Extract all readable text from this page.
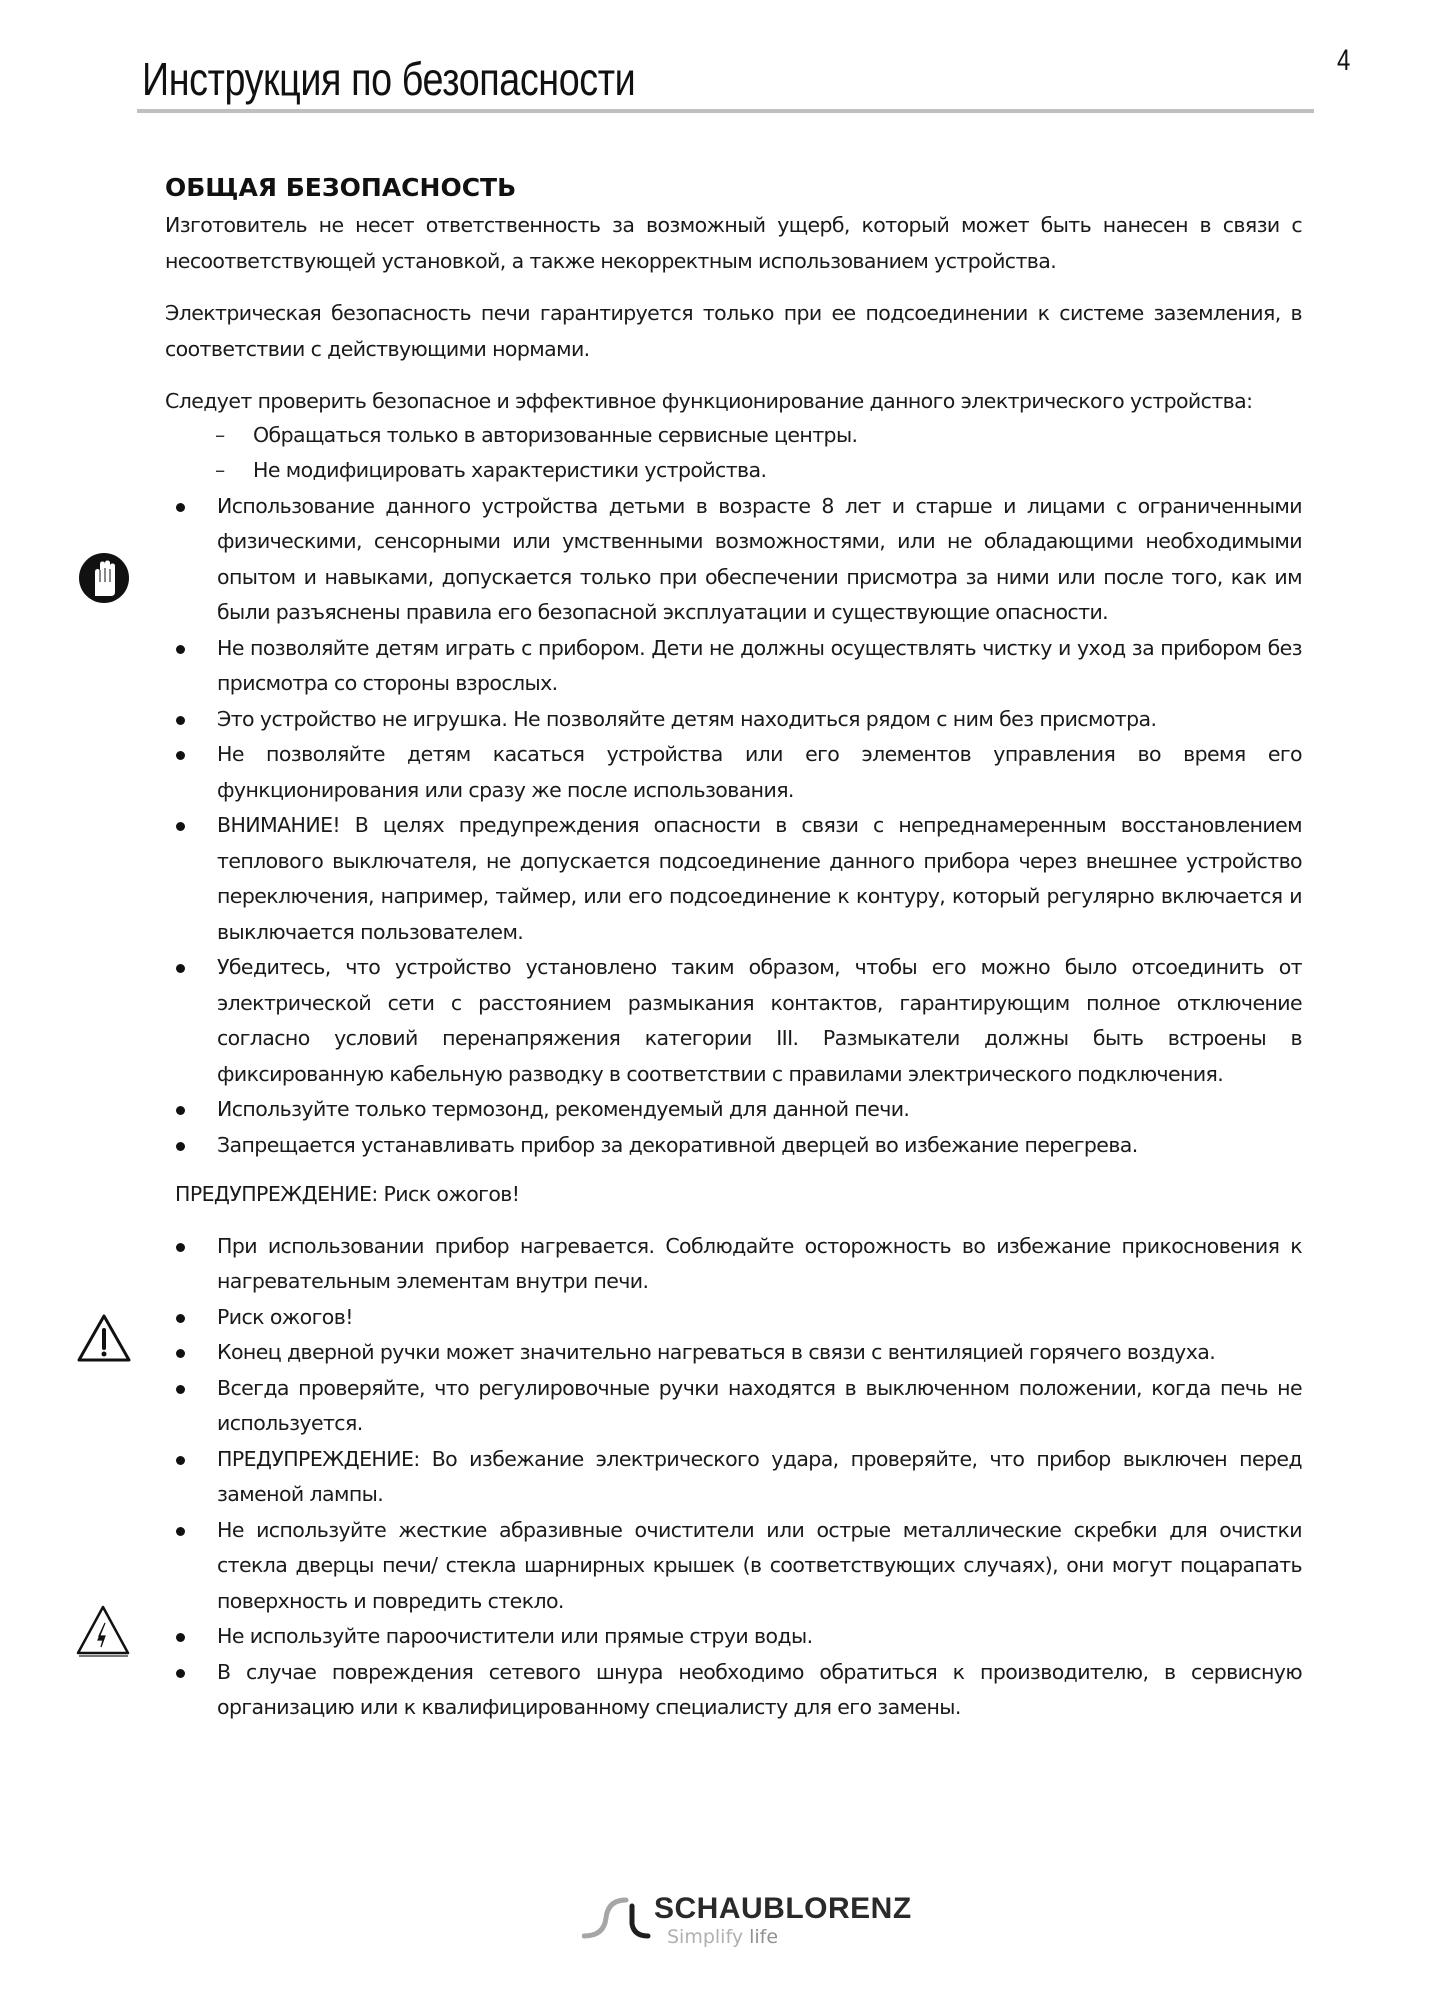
Инструкция по безопасности	4
ОБЩАЯ БЕЗОПАСНОСТЬ

Изготовитель не несет ответственность за возможный ущерб, который может быть нанесен в связи с несоответствующей установкой, а также некорректным использованием устройства.

Электрическая безопасность печи гарантируется только при ее подсоединении к системе заземления, в соответствии с действующими нормами.

Следует проверить безопасное и эффективное функционирование данного электрического устройства:

– Обращаться только в авторизованные сервисные центры.
– Не модифицировать характеристики устройства.
Использование данного устройства детьми в возрасте 8 лет и старше и лицами с ограниченными физическими, сенсорными или умственными возможностями, или не обладающими необходимыми опытом и навыками, допускается только при обеспечении присмотра за ними или после того, как им были разъяснены правила его безопасной эксплуатации и существующие опасности.
Не позволяйте детям играть с прибором. Дети не должны осуществлять чистку и уход за прибором без присмотра со стороны взрослых.
Это устройство не игрушка. Не позволяйте детям находиться рядом с ним без присмотра.
Не позволяйте детям касаться устройства или его элементов управления во время его функционирования или сразу же после использования.
ВНИМАНИЕ! В целях предупреждения опасности в связи с непреднамеренным восстановлением теплового выключателя, не допускается подсоединение данного прибора через внешнее устройство переключения, например, таймер, или его подсоединение к контуру, который регулярно включается и выключается пользователем.
Убедитесь, что устройство установлено таким образом, чтобы его можно было отсоединить от электрической сети с расстоянием размыкания контактов, гарантирующим полное отключение согласно условий перенапряжения категории III. Размыкатели должны быть встроены в фиксированную кабельную разводку в соответствии с правилами электрического подключения.
Используйте только термозонд, рекомендуемый для данной печи.
Запрещается устанавливать прибор за декоративной дверцей во избежание перегрева.
ПРЕДУПРЕЖДЕНИЕ: Риск ожогов!
При использовании прибор нагревается. Соблюдайте осторожность во избежание прикосновения к нагревательным элементам внутри печи.
Риск ожогов!
Конец дверной ручки может значительно нагреваться в связи с вентиляцией горячего воздуха.
Всегда проверяйте, что регулировочные ручки находятся в выключенном положении, когда печь не используется.
ПРЕДУПРЕЖДЕНИЕ: Во избежание электрического удара, проверяйте, что прибор выключен перед заменой лампы.
Не используйте жесткие абразивные очистители или острые металлические скребки для очистки стекла дверцы печи/ стекла шарнирных крышек (в соответствующих случаях), они могут поцарапать поверхность и повредить стекло.
Не используйте пароочистители или прямые струи воды.
В случае повреждения сетевого шнура необходимо обратиться к производителю, в сервисную организацию или к квалифицированному специалисту для его замены.
SCHAUBLORENZ
Simplify life
